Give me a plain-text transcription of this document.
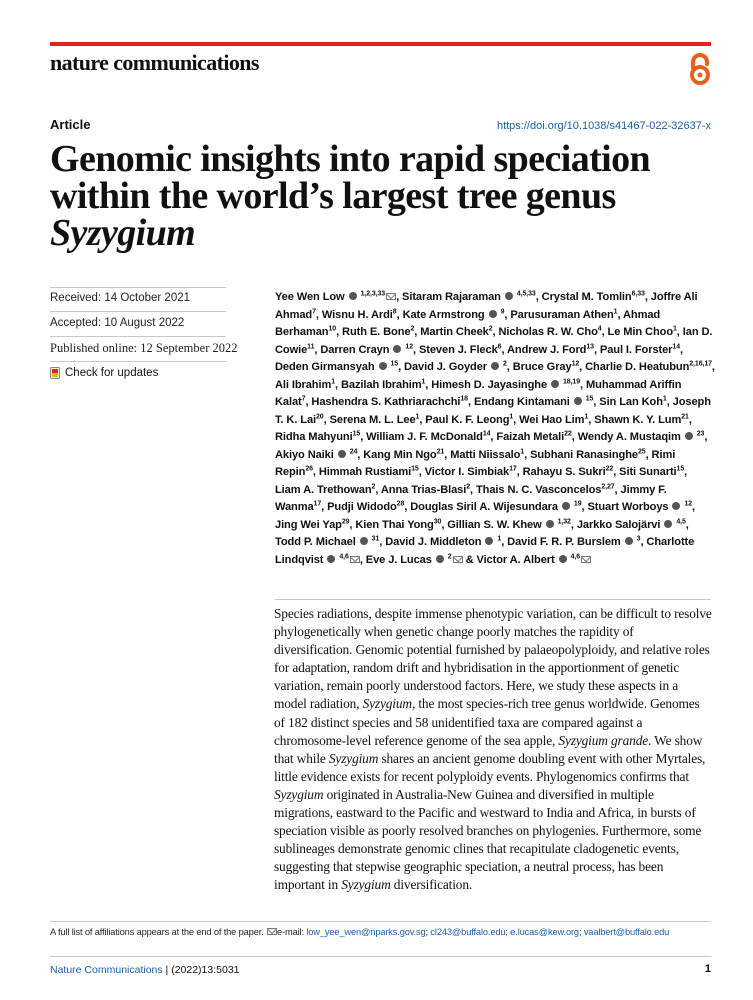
nature communications
Article	https://doi.org/10.1038/s41467-022-32637-x
Genomic insights into rapid speciation
within the world’s largest tree genus
Syzygium
Received: 14 October 2021
Accepted: 10 August 2022
Published online: 12 September 2022
Check for updates

Yee Wen Low $^{1,2,3,33}$ , Sitaram Rajaraman $^{4,5,33}$, Crystal M. Tomlin$^{6,33}$, Joffre Ali Ahmad$^7$, Wisnu H. Ardi$^8$, Kate Armstrong $^9$, Parusuraman Athen$^1$, Ahmad Berhaman$^{10}$, Ruth E. Bone$^2$, Martin Cheek$^2$, Nicholas R. W. Cho$^4$, Le Min Choo$^1$, Ian D. Cowie$^{11}$, Darren Crayn $^{12}$, Steven J. Fleck$^6$, Andrew J. Ford$^{13}$, Paul I. Forster$^{14}$, Deden Girmansyah $^{15}$, David J. Goyder $^2$, Bruce Gray$^{12}$, Charlie D. Heatubun$^{2,16,17}$, Ali Ibrahim$^1$, Bazilah Ibrahim$^1$, Himesh D. Jayasinghe $^{18,19}$, Muhammad Ariffin Kalat$^7$, Hashendra S. Kathriarachchi$^{18}$, Endang Kintamani $^{15}$, Sin Lan Koh$^1$, Joseph T. K. Lai$^{20}$, Serena M. L. Lee$^1$, Paul K. F. Leong$^1$, Wei Hao Lim$^1$, Shawn K. Y. Lum$^{21}$, Ridha Mahyuni$^{15}$, William J. F. McDonald$^{14}$, Faizah Metali$^{22}$, Wendy A. Mustaqim $^{23}$, Akiyo Naiki $^{24}$, Kang Min Ngo$^{21}$, Matti Niissalo$^1$, Subhani Ranasinghe$^{25}$, Rimi Repin$^{26}$, Himmah Rustiami$^{15}$, Victor I. Simbiak$^{17}$, Rahayu S. Sukri$^{22}$, Siti Sunarti$^{15}$, Liam A. Trethowan$^2$, Anna Trias-Blasi$^2$, Thais N. C. Vasconcelos$^{2,27}$, Jimmy F. Wanma$^{17}$, Pudji Widodo$^{28}$, Douglas Siril A. Wijesundara $^{19}$, Stuart Worboys $^{12}$, Jing Wei Yap$^{29}$, Kien Thai Yong$^{30}$, Gillian S. W. Khew $^{1,32}$, Jarkko Salojärvi $^{4,5}$, Todd P. Michael $^{31}$, David J. Middleton $^1$, David F. R. P. Burslem $^3$, Charlotte Lindqvist $^{4,6}$ , Eve J. Lucas $^2$ & Victor A. Albert $^{4,6}$

Species radiations, despite immense phenotypic variation, can be difficult to resolve phylogenetically when genetic change poorly matches the rapidity of diversification. Genomic potential furnished by palaeopolyploidy, and relative roles for adaptation, random drift and hybridisation in the apportionment of genetic variation, remain poorly understood factors. Here, we study these aspects in a model radiation, Syzygium, the most species-rich tree genus worldwide. Genomes of 182 distinct species and 58 unidentified taxa are compared against a chromosome-level reference genome of the sea apple, Syzygium grande. We show that while Syzygium shares an ancient genome doubling event with other Myrtales, little evidence exists for recent polyploidy events. Phylogenomics confirms that Syzygium originated in Australia-New Guinea and diversified in multiple migrations, eastward to the Pacific and westward to India and Africa, in bursts of speciation visible as poorly resolved branches on phylogenies. Furthermore, some sublineages demonstrate genomic clines that recapitulate cladogenetic events, suggesting that stepwise geographic speciation, a neutral process, has been important in Syzygium diversification.

A full list of affiliations appears at the end of the paper. e-mail: low_yee_wen@nparks.gov.sg; cl243@buffalo.edu; e.lucas@kew.org; vaalbert@buffalo.edu
Nature Communications | (2022)13:5031	1
